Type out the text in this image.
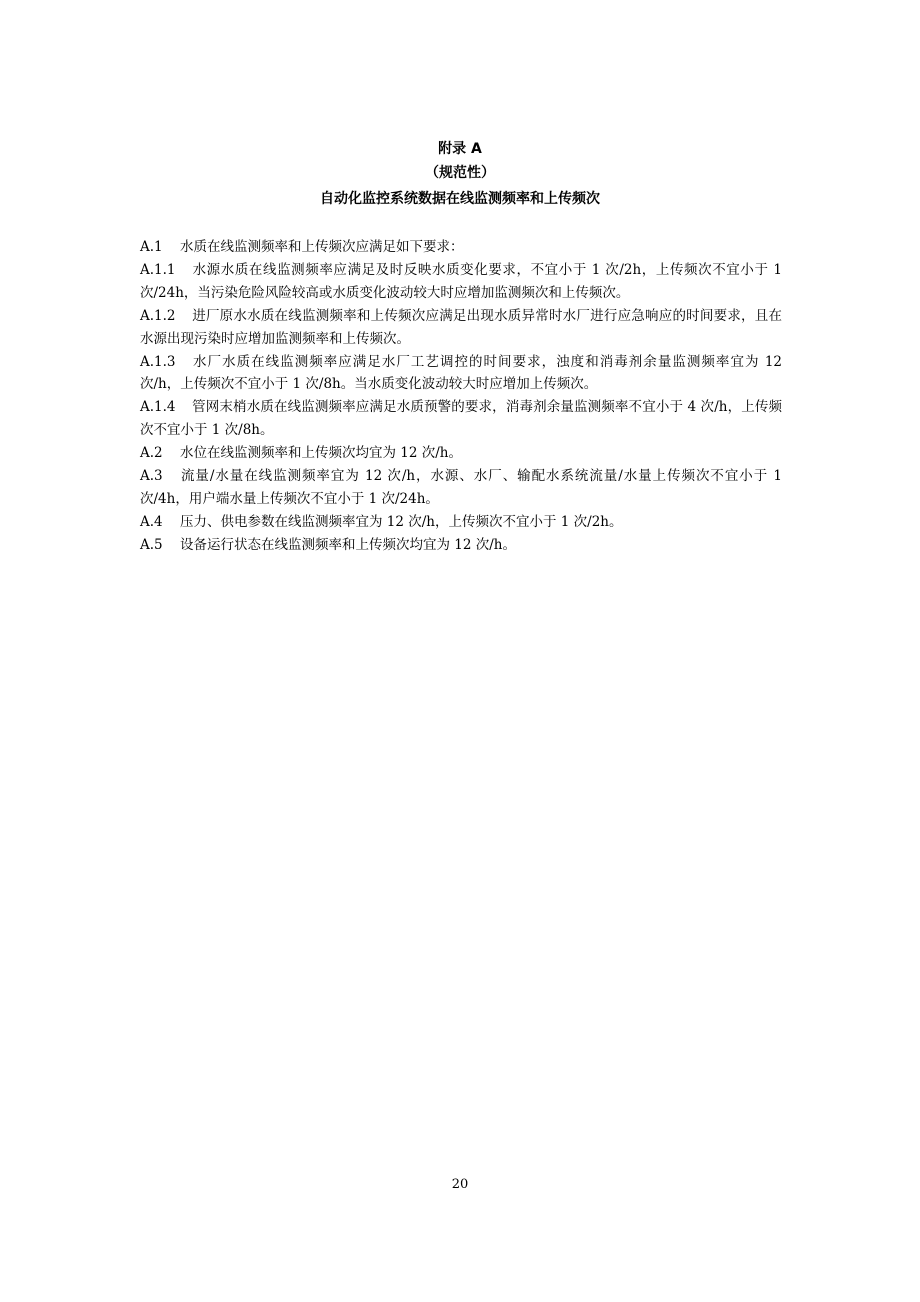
附录 A
（规范性）
自动化监控系统数据在线监测频率和上传频次

A.1 水质在线监测频率和上传频次应满足如下要求：

A.1.1 水源水质在线监测频率应满足及时反映水质变化要求，不宜小于 1 次/2h，上传频次不宜小于 1 次/24h，当污染危险风险较高或水质变化波动较大时应增加监测频次和上传频次。

A.1.2 进厂原水水质在线监测频率和上传频次应满足出现水质异常时水厂进行应急响应的时间要求，且在水源出现污染时应增加监测频率和上传频次。

A.1.3 水厂水质在线监测频率应满足水厂工艺调控的时间要求，浊度和消毒剂余量监测频率宜为 12 次/h，上传频次不宜小于 1 次/8h。当水质变化波动较大时应增加上传频次。

A.1.4 管网末梢水质在线监测频率应满足水质预警的要求，消毒剂余量监测频率不宜小于 4 次/h，上传频次不宜小于 1 次/8h。

A.2 水位在线监测频率和上传频次均宜为 12 次/h。

A.3 流量/水量在线监测频率宜为 12 次/h，水源、水厂、输配水系统流量/水量上传频次不宜小于 1 次/4h，用户端水量上传频次不宜小于 1 次/24h。

A.4 压力、供电参数在线监测频率宜为 12 次/h，上传频次不宜小于 1 次/2h。

A.5 设备运行状态在线监测频率和上传频次均宜为 12 次/h。

20
